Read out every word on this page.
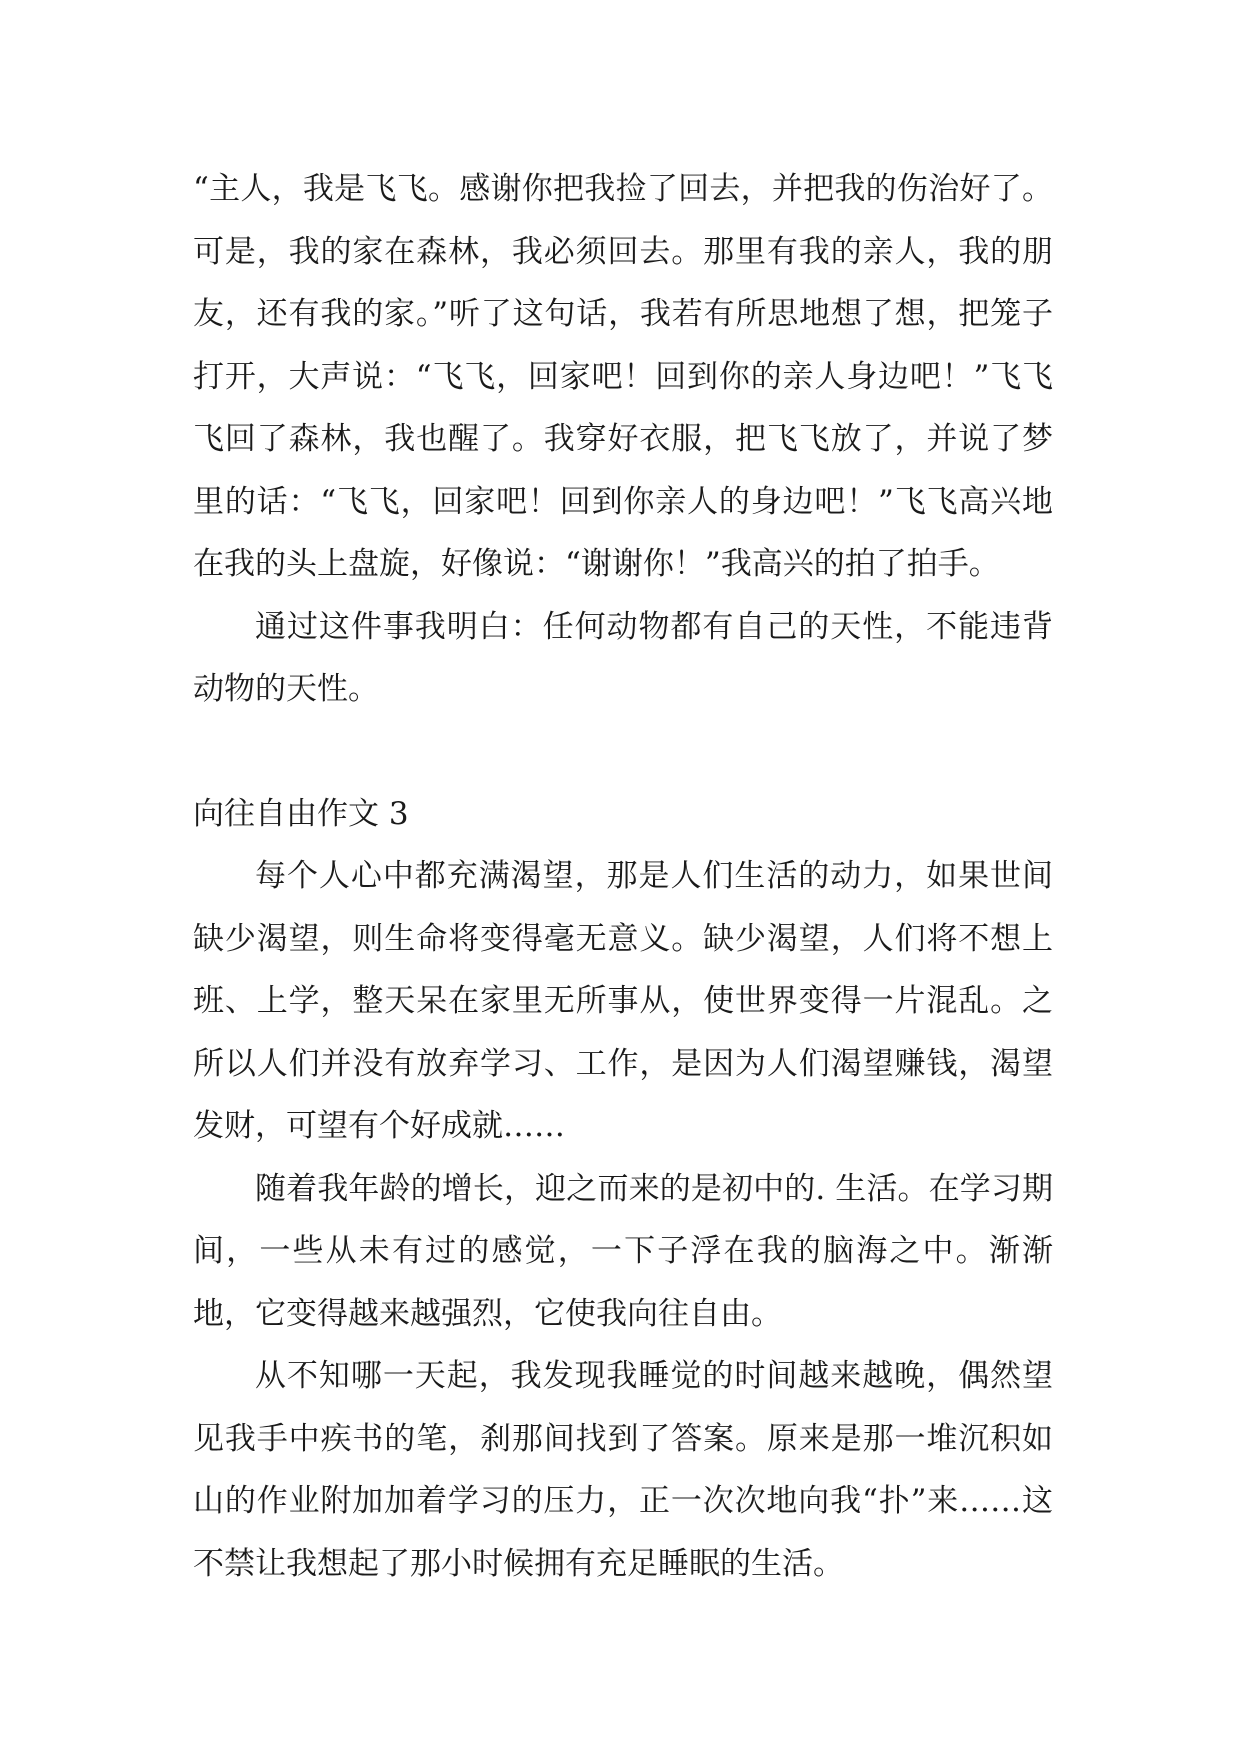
“主人，我是飞飞。感谢你把我捡了回去，并把我的伤治好了。可是，我的家在森林，我必须回去。那里有我的亲人，我的朋友，还有我的家。”听了这句话，我若有所思地想了想，把笼子打开，大声说：“飞飞，回家吧！回到你的亲人身边吧！”飞飞飞回了森林，我也醒了。我穿好衣服，把飞飞放了，并说了梦里的话：“飞飞，回家吧！回到你亲人的身边吧！”飞飞高兴地在我的头上盘旋，好像说：“谢谢你！”我高兴的拍了拍手。

通过这件事我明白：任何动物都有自己的天性，不能违背动物的天性。

向往自由作文 3

每个人心中都充满渴望，那是人们生活的动力，如果世间缺少渴望，则生命将变得毫无意义。缺少渴望，人们将不想上班、上学，整天呆在家里无所事从，使世界变得一片混乱。之所以人们并没有放弃学习、工作，是因为人们渴望赚钱，渴望发财，可望有个好成就……

随着我年龄的增长，迎之而来的是初中的. 生活。在学习期间，一些从未有过的感觉，一下子浮在我的脑海之中。渐渐地，它变得越来越强烈，它使我向往自由。

从不知哪一天起，我发现我睡觉的时间越来越晚，偶然望见我手中疾书的笔，刹那间找到了答案。原来是那一堆沉积如山的作业附加加着学习的压力，正一次次地向我“扑”来……这不禁让我想起了那小时候拥有充足睡眠的生活。
